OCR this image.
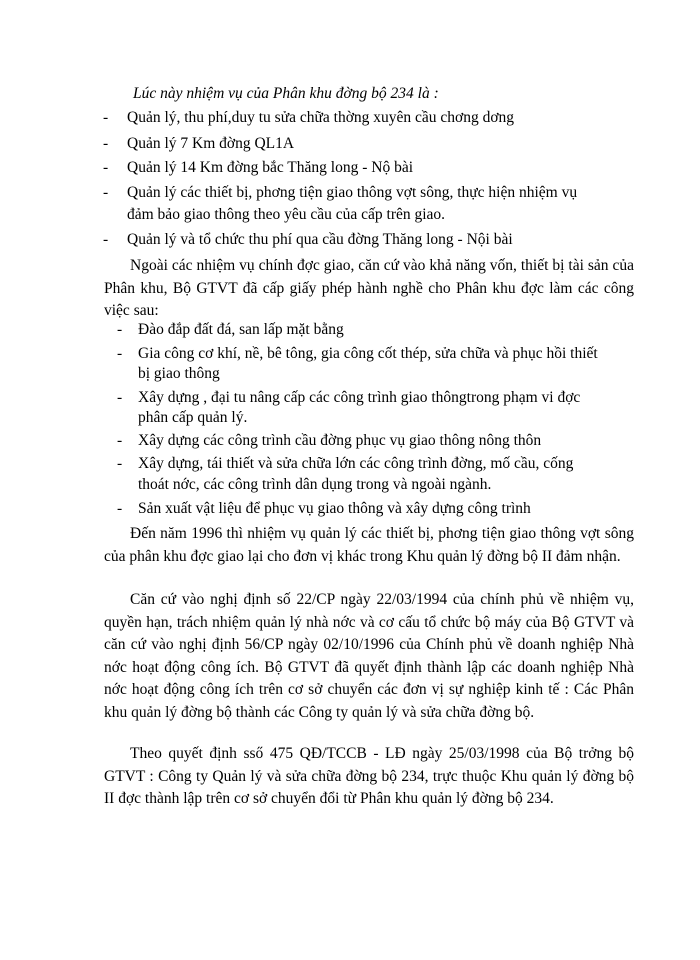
Lúc này nhiệm vụ của Phân khu đờng bộ 234 là :
- Quản lý, thu phí,duy tu sửa chữa thờng xuyên cầu chơng dơng
- Quản lý 7 Km đờng QL1A
- Quản lý 14 Km đờng bắc Thăng long - Nộ bài
- Quản lý các thiết bị, phơng tiện giao thông vợt sông, thực hiện nhiệm vụ
đảm bảo giao thông theo yêu cầu của cấp trên giao.
- Quản lý và tổ chức thu phí qua cầu đờng Thăng long - Nội bài
Ngoài các nhiệm vụ chính đợc giao, căn cứ vào khả năng vốn, thiết bị tài sản của Phân khu, Bộ GTVT đã cấp giấy phép hành nghề cho Phân khu đợc làm các công việc sau:
- Đào đắp đất đá, san lấp mặt bằng
- Gia công cơ khí, nề, bê tông, gia công cốt thép, sửa chữa và phục hồi thiết
bị giao thông
- Xây dựng , đại tu nâng cấp các công trình giao thôngtrong phạm vi đợc
phân cấp quản lý.
- Xây dựng các công trình cầu đờng phục vụ giao thông nông thôn
- Xây dựng, tái thiết và sửa chữa lớn các công trình đờng, mố cầu, cống
thoát nớc, các công trình dân dụng trong và ngoài ngành.
- Sản xuất vật liệu để phục vụ giao thông và xây dựng công trình
Đến năm 1996 thì nhiệm vụ quản lý các thiết bị, phơng tiện giao thông vợt sông của phân khu đợc giao lại cho đơn vị khác trong Khu quản lý đờng bộ II đảm nhận.
Căn cứ vào nghị định số 22/CP ngày 22/03/1994 của chính phủ về nhiệm vụ, quyền hạn, trách nhiệm quản lý nhà nớc và cơ cấu tổ chức bộ máy của Bộ GTVT và căn cứ vào nghị định 56/CP ngày 02/10/1996 của Chính phủ về doanh nghiệp Nhà nớc hoạt động công ích. Bộ GTVT đã quyết định thành lập các doanh nghiệp Nhà nớc hoạt động công ích trên cơ sở chuyển các đơn vị sự nghiệp kinh tế : Các Phân khu quản lý đờng bộ thành các Công ty quản lý và sửa chữa đờng bộ.
Theo quyết định sső 475 QĐ/TCCB - LĐ ngày 25/03/1998 của Bộ trởng bộ GTVT : Công ty Quản lý và sửa chữa đờng bộ 234, trực thuộc Khu quản lý đờng bộ II đợc thành lập trên cơ sở chuyển đổi từ Phân khu quản lý đờng bộ 234.
